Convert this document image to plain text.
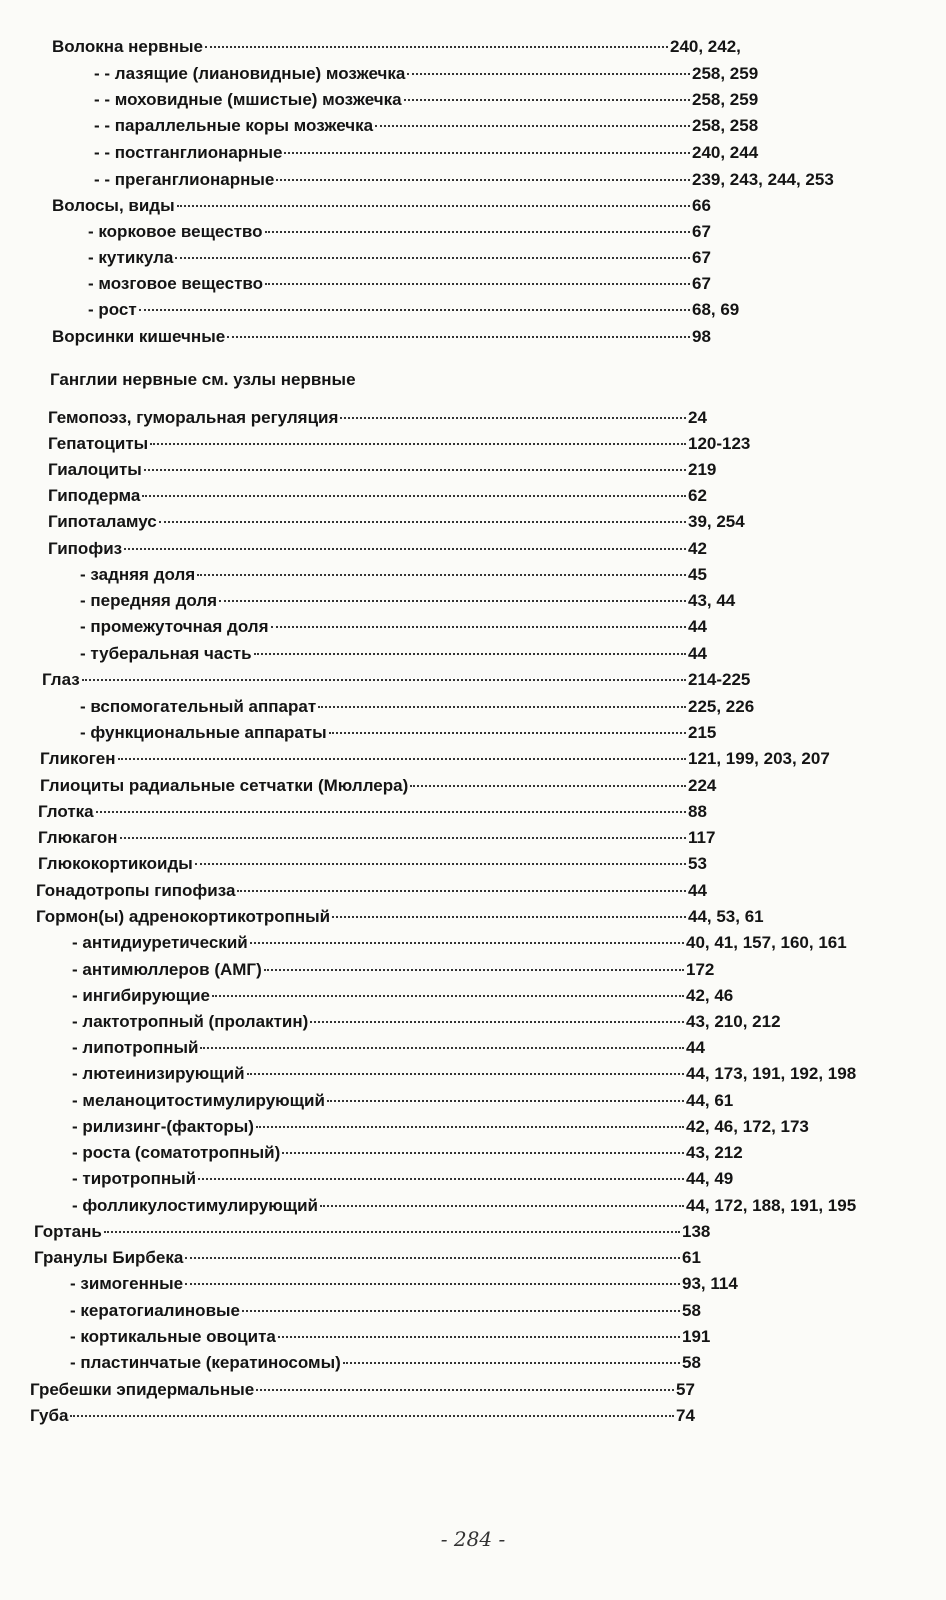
Волокна нервные	240, 242,
- - лазящие (лиановидные) мозжечка	258, 259
- - моховидные (мшистые) мозжечка	258, 259
- - параллельные коры мозжечка	258, 258
- - постганглионарные	240, 244
- - преганглионарные	239, 243, 244, 253
Волосы, виды	66
- корковое вещество	67
- кутикула	67
- мозговое вещество	67
- рост	68, 69
Ворсинки кишечные	98
Гемопоэз, гуморальная регуляция	24
Гепатоциты	120-123
Гиалоциты	219
Гиподерма	62
Гипоталамус	39, 254
Гипофиз	42
- задняя доля	45
- передняя доля	43, 44
- промежуточная доля	44
- туберальная часть	44
Глаз	214-225
- вспомогательный аппарат	225, 226
- функциональные аппараты	215
Гликоген	121, 199, 203, 207
Глиоциты радиальные сетчатки (Мюллера)	224
Глотка	88
Глюкагон	117
Глюкокортикоиды	53
Гонадотропы гипофиза	44
Гормон(ы) адренокортикотропный	44, 53, 61
- антидиуретический	40, 41, 157, 160, 161
- антимюллеров (АМГ)	172
- ингибирующие	42, 46
- лактотропный (пролактин)	43, 210, 212
- липотропный	44
- лютеинизирующий	44, 173, 191, 192, 198
- меланоцитостимулирующий	44, 61
- рилизинг-(факторы)	42, 46, 172, 173
- роста (соматотропный)	43, 212
- тиротропный	44, 49
- фолликулостимулирующий	44, 172, 188, 191, 195
Гортань	138
Гранулы Бирбека	61
- зимогенные	93, 114
- кератогиалиновые	58
- кортикальные овоцита	191
- пластинчатые (кератиносомы)	58
Гребешки эпидермальные	57
Губа	74
Ганглии нервные см. узлы нервные
- 284 -
